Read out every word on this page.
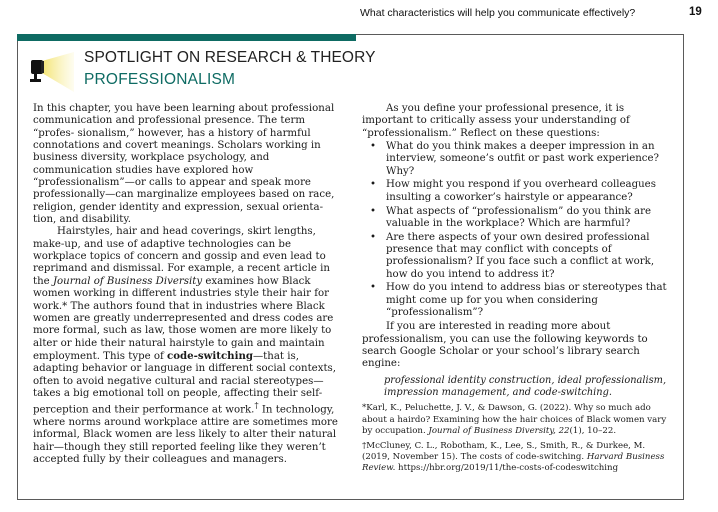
What characteristics will help you communicate effectively?	19
SPOTLIGHT ON RESEARCH & THEORY
PROFESSIONALISM

In this chapter, you have been learning about professional communication and professional presence. The term “profes- sionalism,” however, has a history of harmful connotations and covert meanings. Scholars working in business diversity, workplace psychology, and communication studies have explored how “professionalism”—or calls to appear and speak more professionally—can marginalize employees based on race, religion, gender identity and expression, sexual orienta- tion, and disability.

Hairstyles, hair and head coverings, skirt lengths, make-up, and use of adaptive technologies can be workplace topics of concern and gossip and even lead to reprimand and dismissal. For example, a recent article in the Journal of Business Diversity examines how Black women working in different industries style their hair for work.* The authors found that in industries where Black women are greatly underrepresented and dress codes are more formal, such as law, those women are more likely to alter or hide their natural hairstyle to gain and maintain employment. This type of code-switching—that is, adapting behavior or language in different social contexts, often to avoid negative cultural and racial stereotypes—takes a big emotional toll on people, affecting their self-perception and their performance at work.† In technology, where norms around workplace attire are sometimes more informal, Black women are less likely to alter their natural hair—though they still reported feeling like they weren’t accepted fully by their colleagues and managers.

As you define your professional presence, it is important to critically assess your understanding of “professionalism.” Reflect on these questions:

• What do you think makes a deeper impression in an interview, someone’s outfit or past work experience? Why?
• How might you respond if you overheard colleagues insulting a coworker’s hairstyle or appearance?
• What aspects of “professionalism” do you think are valuable in the workplace? Which are harmful?
• Are there aspects of your own desired professional presence that may conflict with concepts of professionalism? If you face such a conflict at work, how do you intend to address it?
• How do you intend to address bias or stereotypes that might come up for you when considering “professionalism”?

If you are interested in reading more about professionalism, you can use the following keywords to search Google Scholar or your school’s library search engine:

professional identity construction, ideal professionalism, impression management, and code-switching.

*Karl, K., Peluchette, J. V., & Dawson, G. (2022). Why so much ado about a hairdo? Examining how the hair choices of Black women vary by occupation. Journal of Business Diversity, 22(1), 10–22.

†McCluney, C. L., Robotham, K., Lee, S., Smith, R., & Durkee, M. (2019, November 15). The costs of code-switching. Harvard Business Review. https://hbr.org/2019/11/the-costs-of-codeswitching
